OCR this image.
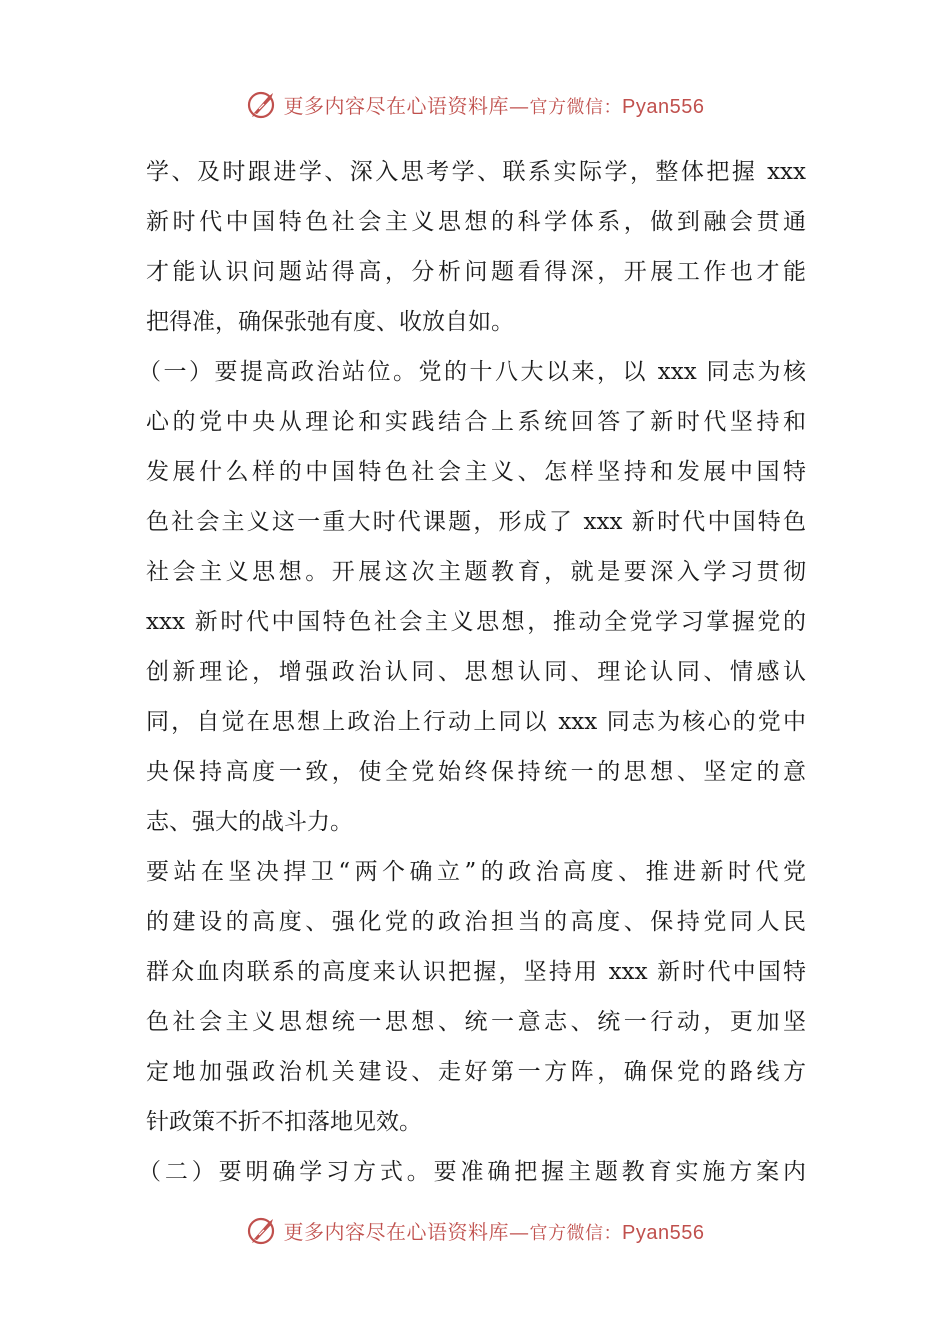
更多内容尽在心语资料库—官方微信：Pyan556
学、及时跟进学、深入思考学、联系实际学，整体把握 xxx
新时代中国特色社会主义思想的科学体系，做到融会贯通
才能认识问题站得高，分析问题看得深，开展工作也才能
把得准，确保张弛有度、收放自如。
（一）要提高政治站位。党的十八大以来，以 xxx 同志为核
心的党中央从理论和实践结合上系统回答了新时代坚持和
发展什么样的中国特色社会主义、怎样坚持和发展中国特
色社会主义这一重大时代课题，形成了 xxx 新时代中国特色
社会主义思想。开展这次主题教育，就是要深入学习贯彻
xxx 新时代中国特色社会主义思想，推动全党学习掌握党的
创新理论，增强政治认同、思想认同、理论认同、情感认
同，自觉在思想上政治上行动上同以 xxx 同志为核心的党中
央保持高度一致，使全党始终保持统一的思想、坚定的意
志、强大的战斗力。
要站在坚决捍卫“两个确立”的政治高度、推进新时代党
的建设的高度、强化党的政治担当的高度、保持党同人民
群众血肉联系的高度来认识把握，坚持用 xxx 新时代中国特
色社会主义思想统一思想、统一意志、统一行动，更加坚
定地加强政治机关建设、走好第一方阵，确保党的路线方
针政策不折不扣落地见效。
（二）要明确学习方式。要准确把握主题教育实施方案内
更多内容尽在心语资料库—官方微信：Pyan556
